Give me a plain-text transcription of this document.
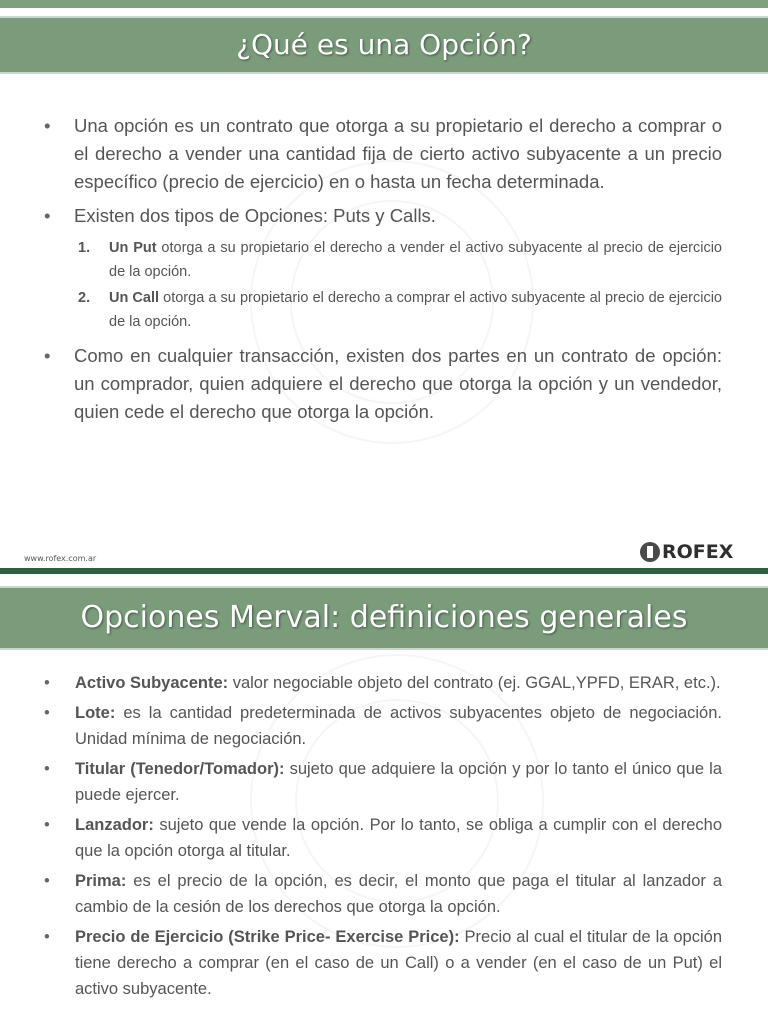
¿Qué es una Opción?
• Una opción es un contrato que otorga a su propietario el derecho a comprar o el derecho a vender una cantidad fija de cierto activo subyacente a un precio específico (precio de ejercicio) en o hasta un fecha determinada.
• Existen dos tipos de Opciones: Puts y Calls.
1. Un Put otorga a su propietario el derecho a vender el activo subyacente al precio de ejercicio de la opción.
2. Un Call otorga a su propietario el derecho a comprar el activo subyacente al precio de ejercicio de la opción.
• Como en cualquier transacción, existen dos partes en un contrato de opción: un comprador, quien adquiere el derecho que otorga la opción y un vendedor, quien cede el derecho que otorga la opción.
www.rofex.com.ar	ROFEX
Opciones Merval: definiciones generales
• Activo Subyacente: valor negociable objeto del contrato (ej. GGAL,YPFD, ERAR, etc.).
• Lote: es la cantidad predeterminada de activos subyacentes objeto de negociación. Unidad mínima de negociación.
• Titular (Tenedor/Tomador): sujeto que adquiere la opción y por lo tanto el único que la puede ejercer.
• Lanzador: sujeto que vende la opción. Por lo tanto, se obliga a cumplir con el derecho que la opción otorga al titular.
• Prima: es el precio de la opción, es decir, el monto que paga el titular al lanzador a cambio de la cesión de los derechos que otorga la opción.
• Precio de Ejercicio (Strike Price- Exercise Price): Precio al cual el titular de la opción tiene derecho a comprar (en el caso de un Call) o a vender (en el caso de un Put) el activo subyacente.
